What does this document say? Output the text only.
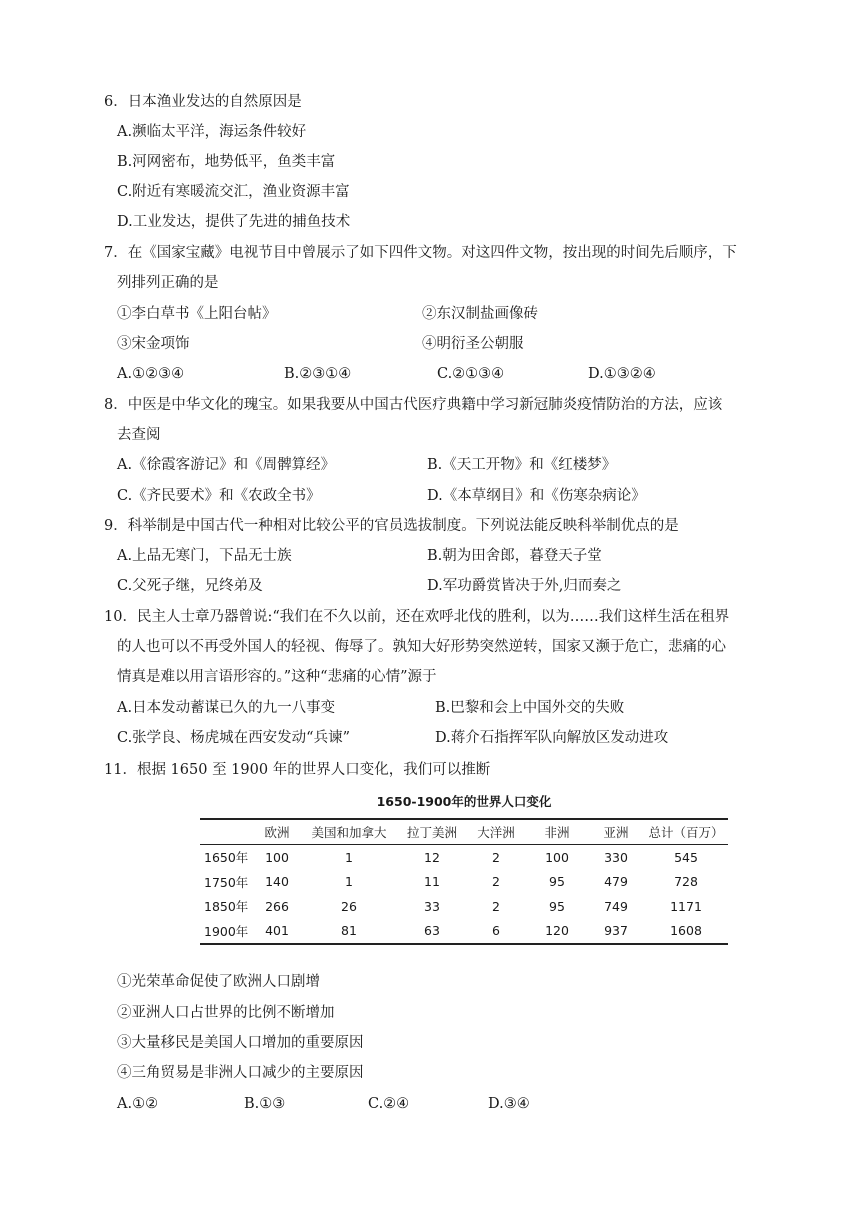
6．日本渔业发达的自然原因是
A.濒临太平洋，海运条件较好
B.河网密布，地势低平，鱼类丰富
C.附近有寒暖流交汇，渔业资源丰富
D.工业发达，提供了先进的捕鱼技术
7．在《国家宝藏》电视节目中曾展示了如下四件文物。对这四件文物，按出现的时间先后顺序，下
列排列正确的是
①李白草书《上阳台帖》	②东汉制盐画像砖
③宋金项饰	④明衍圣公朝服
A.①②③④	B.②③①④	C.②①③④	D.①③②④
8．中医是中华文化的瑰宝。如果我要从中国古代医疗典籍中学习新冠肺炎疫情防治的方法，应该
去查阅
A.《徐霞客游记》和《周髀算经》	B.《天工开物》和《红楼梦》
C.《齐民要术》和《农政全书》	D.《本草纲目》和《伤寒杂病论》
9．科举制是中国古代一种相对比较公平的官员选拔制度。下列说法能反映科举制优点的是
A.上品无寒门，下品无士族	B.朝为田舍郎，暮登天子堂
C.父死子继，兄终弟及	D.军功爵赏皆决于外,归而奏之
10．民主人士章乃器曾说:“我们在不久以前，还在欢呼北伐的胜利，以为……我们这样生活在租界
的人也可以不再受外国人的轻视、侮辱了。孰知大好形势突然逆转，国家又濒于危亡，悲痛的心
情真是难以用言语形容的。”这种“悲痛的心情”源于
A.日本发动蓄谋已久的九一八事变	B.巴黎和会上中国外交的失败
C.张学良、杨虎城在西安发动“兵谏”	D.蒋介石指挥军队向解放区发动进攻
11．根据 1650 至 1900 年的世界人口变化，我们可以推断
1650-1900年的世界人口变化
	欧洲	美国和加拿大	拉丁美洲	大洋洲	非洲	亚洲	总计（百万）
1650年	100	1	12	2	100	330	545
1750年	140	1	11	2	95	479	728
1850年	266	26	33	2	95	749	1171
1900年	401	81	63	6	120	937	1608
①光荣革命促使了欧洲人口剧增
②亚洲人口占世界的比例不断增加
③大量移民是美国人口增加的重要原因
④三角贸易是非洲人口减少的主要原因
A.①②	B.①③	C.②④	D.③④
